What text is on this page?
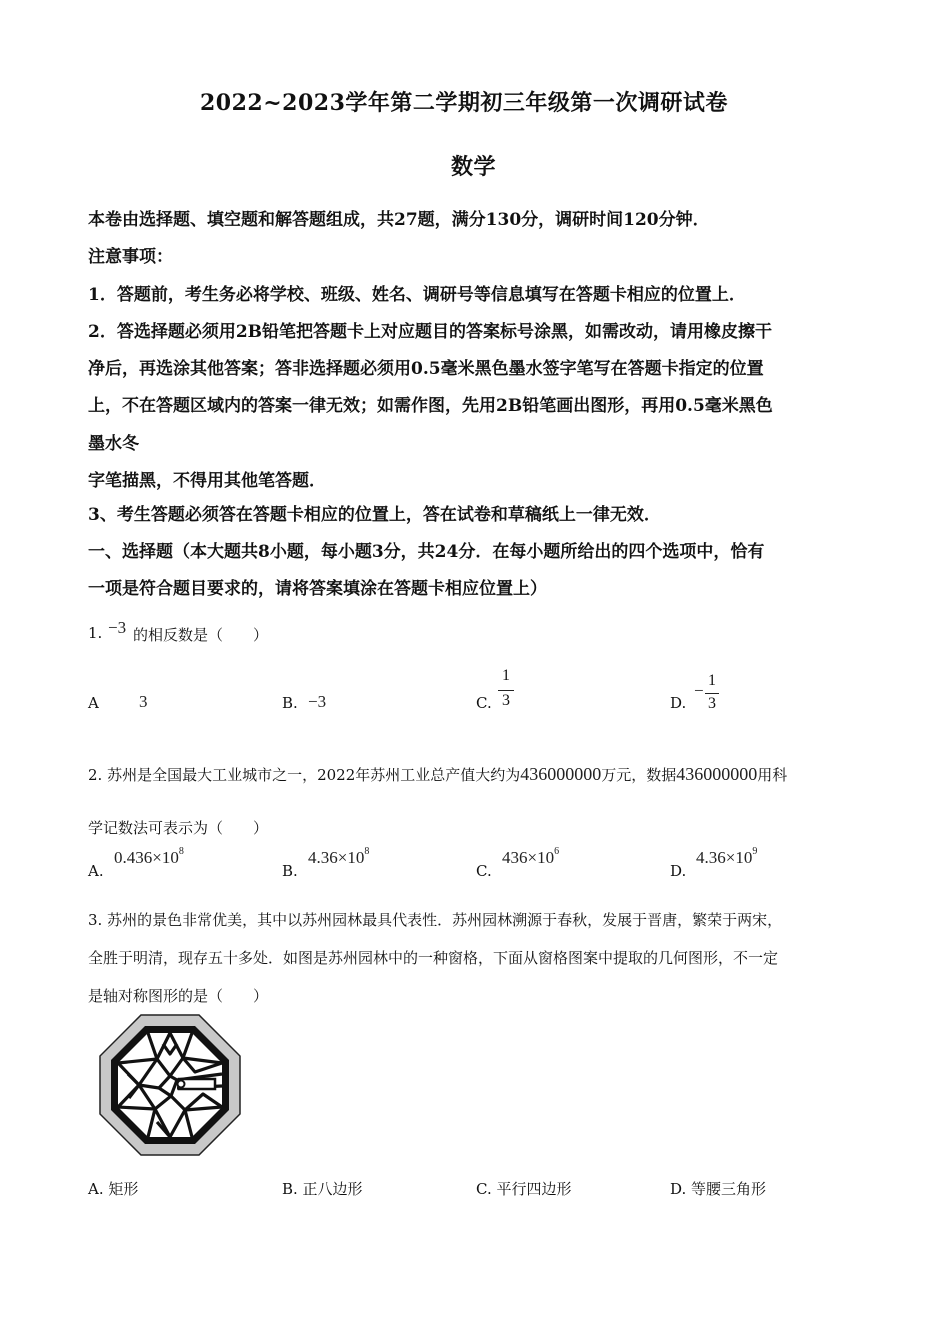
2022~2023学年第二学期初三年级第一次调研试卷
数学
本卷由选择题、填空题和解答题组成，共27题，满分130分，调研时间120分钟．
注意事项：
1．答题前，考生务必将学校、班级、姓名、调研号等信息填写在答题卡相应的位置上．
2．答选择题必须用2B铅笔把答题卡上对应题目的答案标号涂黑，如需改动，请用橡皮擦干
净后，再选涂其他答案；答非选择题必须用0.5毫米黑色墨水签字笔写在答题卡指定的位置
上，不在答题区域内的答案一律无效；如需作图，先用2B铅笔画出图形，再用0.5毫米黑色
墨水冬
字笔描黑，不得用其他笔答题．
3、考生答题必须答在答题卡相应的位置上，答在试卷和草稿纸上一律无效．
一、选择题（本大题共8小题，每小题3分，共24分．在每小题所给出的四个选项中，恰有
一项是符合题目要求的，请将答案填涂在答题卡相应位置上）
1. −3 的相反数是（　　）
A 3	B. −3	C.
1
3	D.
−
1
3
2. 苏州是全国最大工业城市之一，2022年苏州工业总产值大约为436000000万元，数据436000000用科
学记数法可表示为（　　）
A.
$0.436\times 10^8$
B.
$4.36\times 10^8$
C.
$436\times 10^6$
D.
$4.36\times 10^9$
3. 苏州的景色非常优美，其中以苏州园林最具代表性．苏州园林溯源于春秋，发展于晋唐，繁荣于两宋，
全胜于明清，现存五十多处．如图是苏州园林中的一种窗格，下面从窗格图案中提取的几何图形，不一定
是轴对称图形的是（　　）
A. 矩形	B. 正八边形	C. 平行四边形	D. 等腰三角形
